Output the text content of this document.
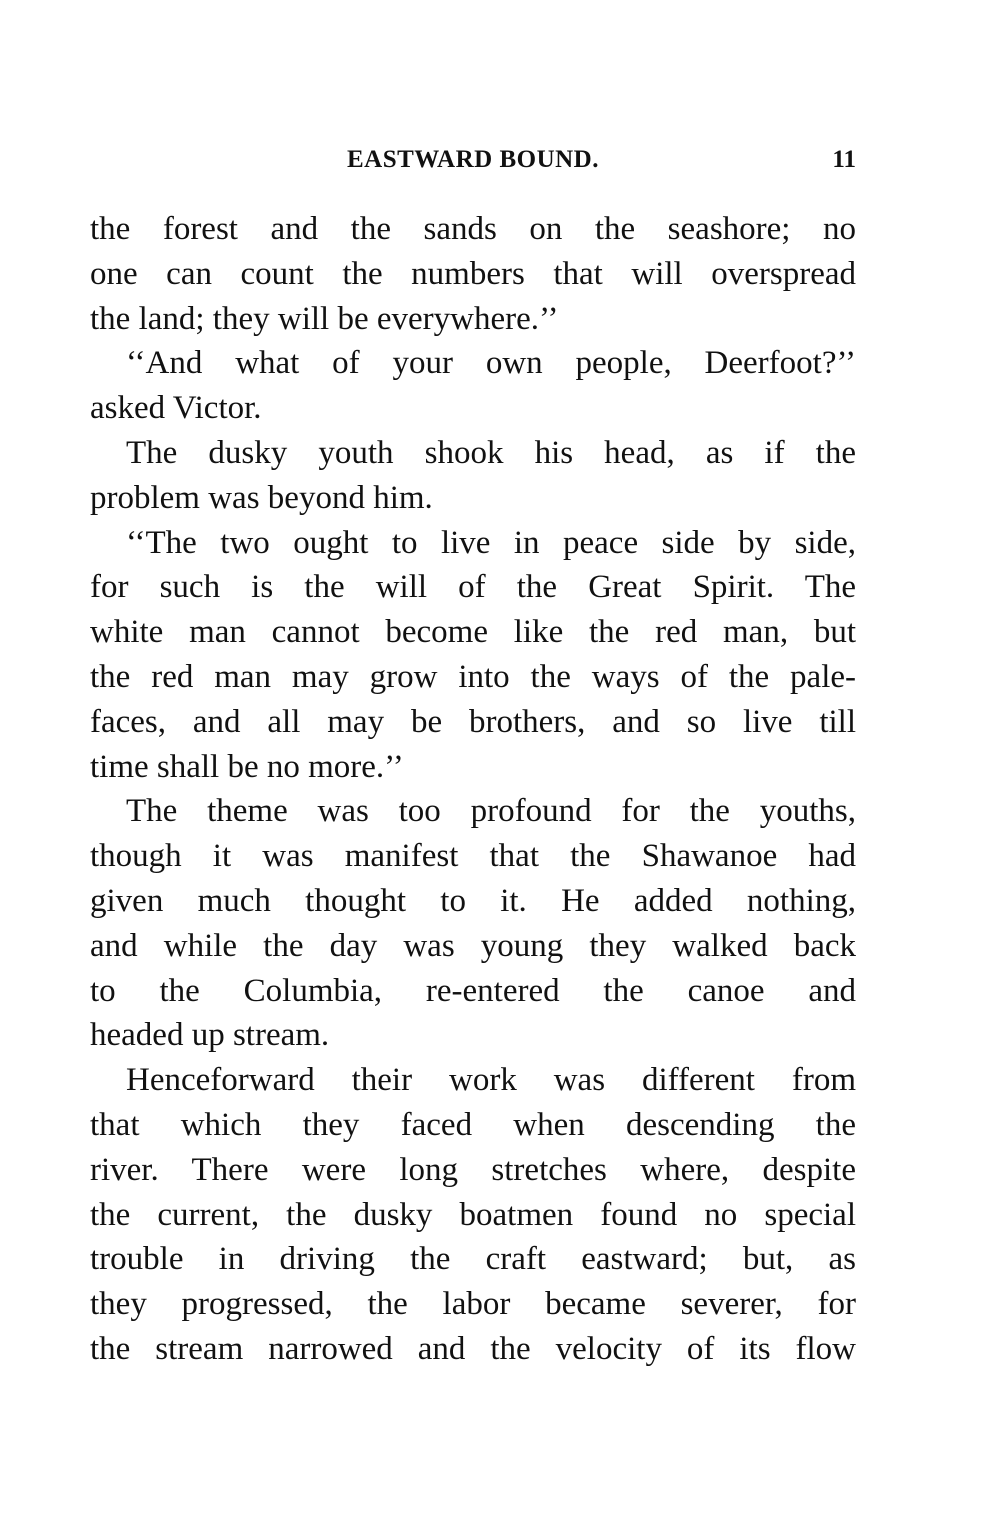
EASTWARD BOUND.	11
the forest and the sands on the seashore; no
one can count the numbers that will overspread
the land; they will be everywhere.’’
‘‘And what of your own people, Deerfoot?’’
asked Victor.
The dusky youth shook his head, as if the
problem was beyond him.
‘‘The two ought to live in peace side by side,
for such is the will of the Great Spirit. The
white man cannot become like the red man, but
the red man may grow into the ways of the pale-
faces, and all may be brothers, and so live till
time shall be no more.’’
The theme was too profound for the youths,
though it was manifest that the Shawanoe had
given much thought to it. He added nothing,
and while the day was young they walked back
to the Columbia, re-entered the canoe and
headed up stream.
Henceforward their work was different from
that which they faced when descending the
river. There were long stretches where, despite
the current, the dusky boatmen found no special
trouble in driving the craft eastward; but, as
they progressed, the labor became severer, for
the stream narrowed and the velocity of its flow
